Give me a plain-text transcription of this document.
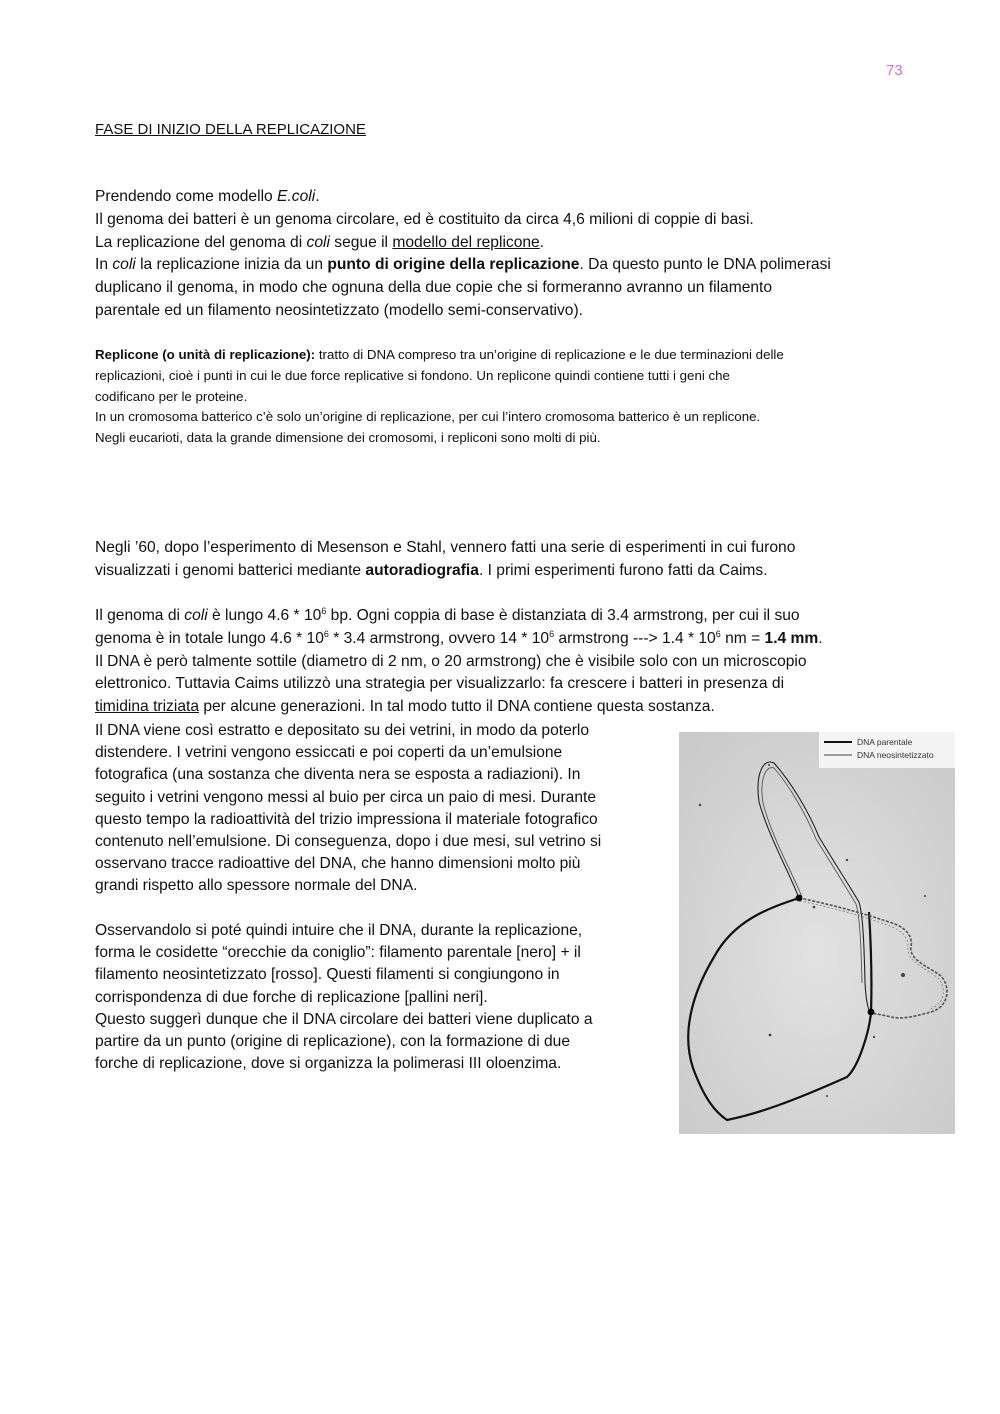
73
FASE DI INIZIO DELLA REPLICAZIONE
Prendendo come modello E.coli.
Il genoma dei batteri è un genoma circolare, ed è costituito da circa 4,6 milioni di coppie di basi.
La replicazione del genoma di coli segue il modello del replicone.
In coli la replicazione inizia da un punto di origine della replicazione. Da questo punto le DNA polimerasi
duplicano il genoma, in modo che ognuna della due copie che si formeranno avranno un filamento
parentale ed un filamento neosintetizzato (modello semi-conservativo).
Replicone (o unità di replicazione): tratto di DNA compreso tra un’origine di replicazione e le due terminazioni delle
replicazioni, cioè i punti in cui le due force replicative si fondono. Un replicone quindi contiene tutti i geni che
codificano per le proteine.
In un cromosoma batterico c’è solo un’origine di replicazione, per cui l’intero cromosoma batterico è un replicone.
Negli eucarioti, data la grande dimensione dei cromosomi, i repliconi sono molti di più.
Negli ’60, dopo l’esperimento di Mesenson e Stahl, vennero fatti una serie di esperimenti in cui furono
visualizzati i genomi batterici mediante autoradiografia. I primi esperimenti furono fatti da Caims.
Il genoma di coli è lungo $4.6 * 10^6$ bp. Ogni coppia di base è distanziata di 3.4 armstrong, per cui il suo
genoma è in totale lungo $4.6 * 10^6 * 3.4$ armstrong, ovvero $14 * 10^6$ armstrong ---> $1.4 * 10^6$ nm = 1.4 mm.
Il DNA è però talmente sottile (diametro di 2 nm, o 20 armstrong) che è visibile solo con un microscopio
elettronico. Tuttavia Caims utilizzò una strategia per visualizzarlo: fa crescere i batteri in presenza di
timidina triziata per alcune generazioni. In tal modo tutto il DNA contiene questa sostanza.
Il DNA viene così estratto e depositato su dei vetrini, in modo da poterlo
distendere. I vetrini vengono essiccati e poi coperti da un’emulsione
fotografica (una sostanza che diventa nera se esposta a radiazioni). In
seguito i vetrini vengono messi al buio per circa un paio di mesi. Durante
questo tempo la radioattività del trizio impressiona il materiale fotografico
contenuto nell’emulsione. Di conseguenza, dopo i due mesi, sul vetrino si
osservano tracce radioattive del DNA, che hanno dimensioni molto più
grandi rispetto allo spessore normale del DNA.
Osservandolo si poté quindi intuire che il DNA, durante la replicazione,
forma le cosidette “orecchie da coniglio”: filamento parentale [nero] + il
filamento neosintetizzato [rosso]. Questi filamenti si congiungono in
corrispondenza di due forche di replicazione [pallini neri].
Questo suggerì dunque che il DNA circolare dei batteri viene duplicato a
partire da un punto (origine di replicazione), con la formazione di due
forche di replicazione, dove si organizza la polimerasi III oloenzima.
DNA parentale
DNA neosintetizzato
